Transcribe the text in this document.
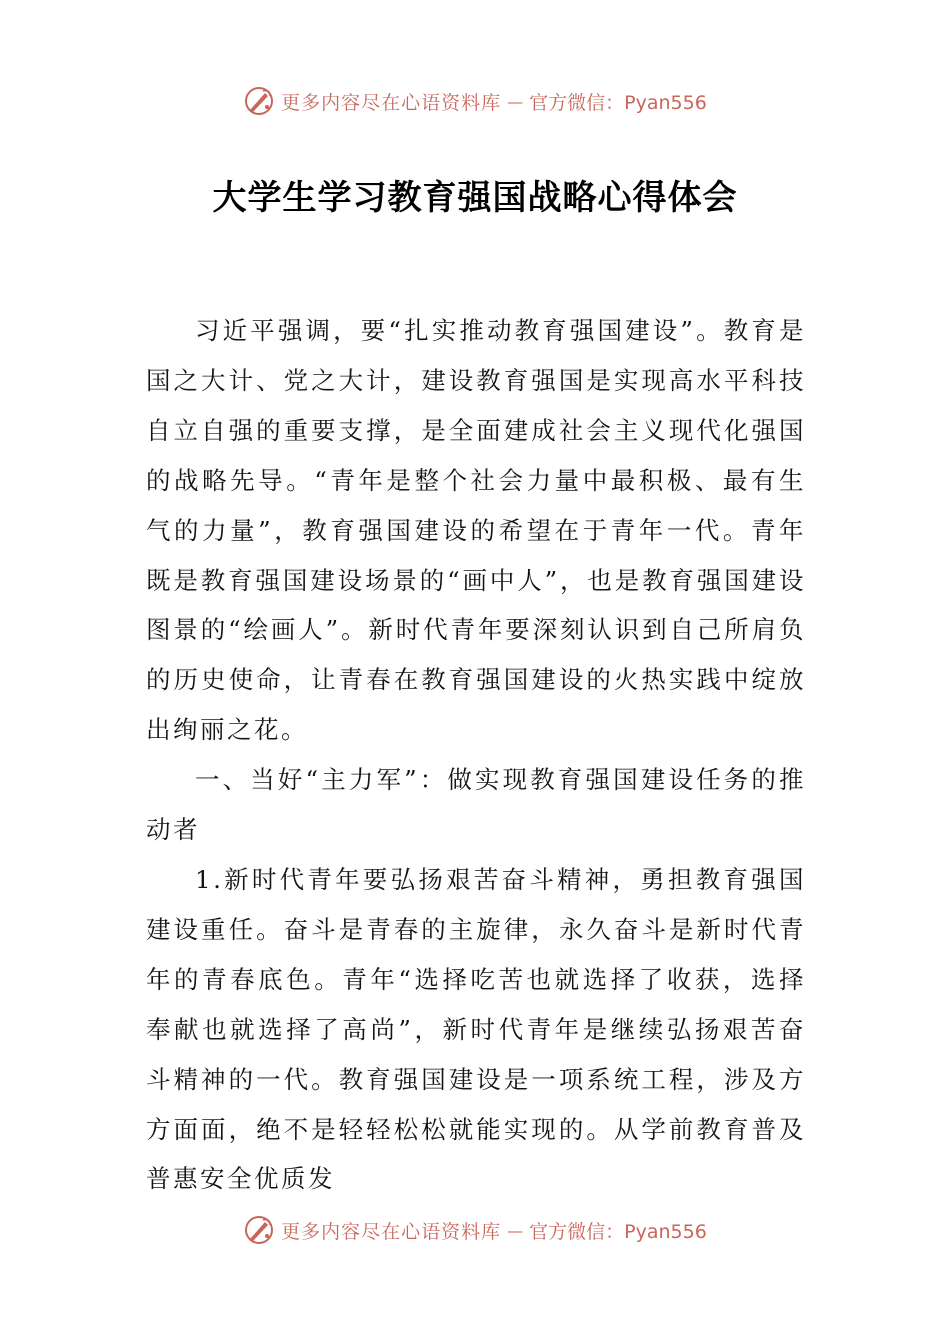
更多内容尽在心语资料库 — 官方微信：Pyan556
大学生学习教育强国战略心得体会

习近平强调，要“扎实推动教育强国建设”。教育是国之大计、党之大计，建设教育强国是实现高水平科技自立自强的重要支撑，是全面建成社会主义现代化强国的战略先导。“青年是整个社会力量中最积极、最有生气的力量”，教育强国建设的希望在于青年一代。青年既是教育强国建设场景的“画中人”，也是教育强国建设图景的“绘画人”。新时代青年要深刻认识到自己所肩负的历史使命，让青春在教育强国建设的火热实践中绽放出绚丽之花。

一、当好“主力军”：做实现教育强国建设任务的推动者

1.新时代青年要弘扬艰苦奋斗精神，勇担教育强国建设重任。奋斗是青春的主旋律，永久奋斗是新时代青年的青春底色。青年“选择吃苦也就选择了收获，选择奉献也就选择了高尚”，新时代青年是继续弘扬艰苦奋斗精神的一代。教育强国建设是一项系统工程，涉及方方面面，绝不是轻轻松松就能实现的。从学前教育普及普惠安全优质发

更多内容尽在心语资料库 — 官方微信：Pyan556
